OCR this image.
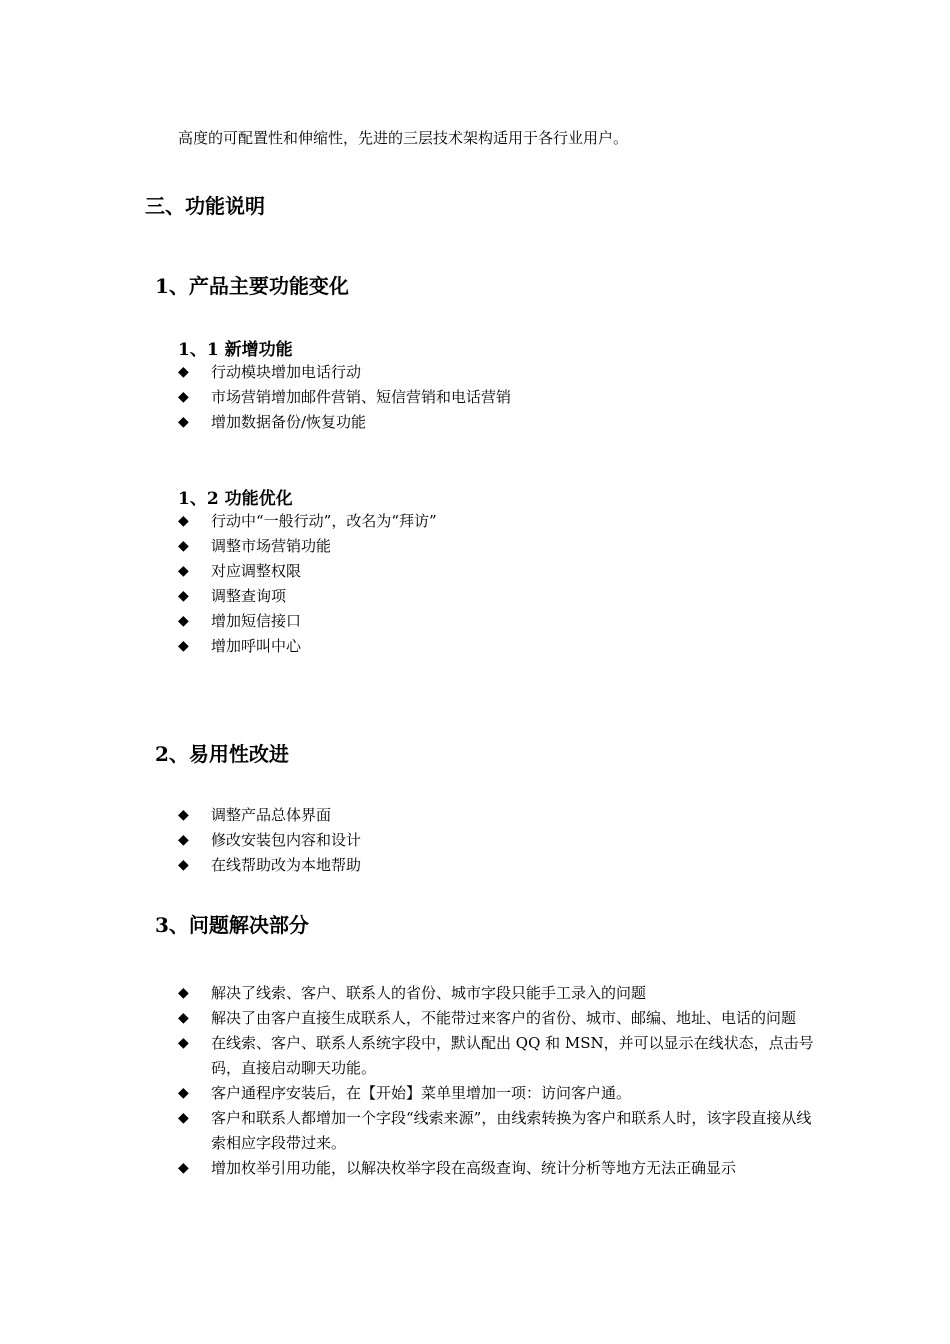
高度的可配置性和伸缩性，先进的三层技术架构适用于各行业用户。
三、功能说明
1、产品主要功能变化
1、1 新增功能
◆ 行动模块增加电话行动
◆ 市场营销增加邮件营销、短信营销和电话营销
◆ 增加数据备份/恢复功能
1、2 功能优化
◆ 行动中“一般行动”，改名为“拜访”
◆ 调整市场营销功能
◆ 对应调整权限
◆ 调整查询项
◆ 增加短信接口
◆ 增加呼叫中心
2、易用性改进
◆ 调整产品总体界面
◆ 修改安装包内容和设计
◆ 在线帮助改为本地帮助
3、问题解决部分
◆ 解决了线索、客户、联系人的省份、城市字段只能手工录入的问题
◆ 解决了由客户直接生成联系人，不能带过来客户的省份、城市、邮编、地址、电话的问题
◆ 在线索、客户、联系人系统字段中，默认配出 QQ 和 MSN，并可以显示在线状态，点击号码，直接启动聊天功能。
◆ 客户通程序安装后，在【开始】菜单里增加一项：访问客户通。
◆ 客户和联系人都增加一个字段“线索来源”，由线索转换为客户和联系人时，该字段直接从线索相应字段带过来。
◆ 增加枚举引用功能，以解决枚举字段在高级查询、统计分析等地方无法正确显示
